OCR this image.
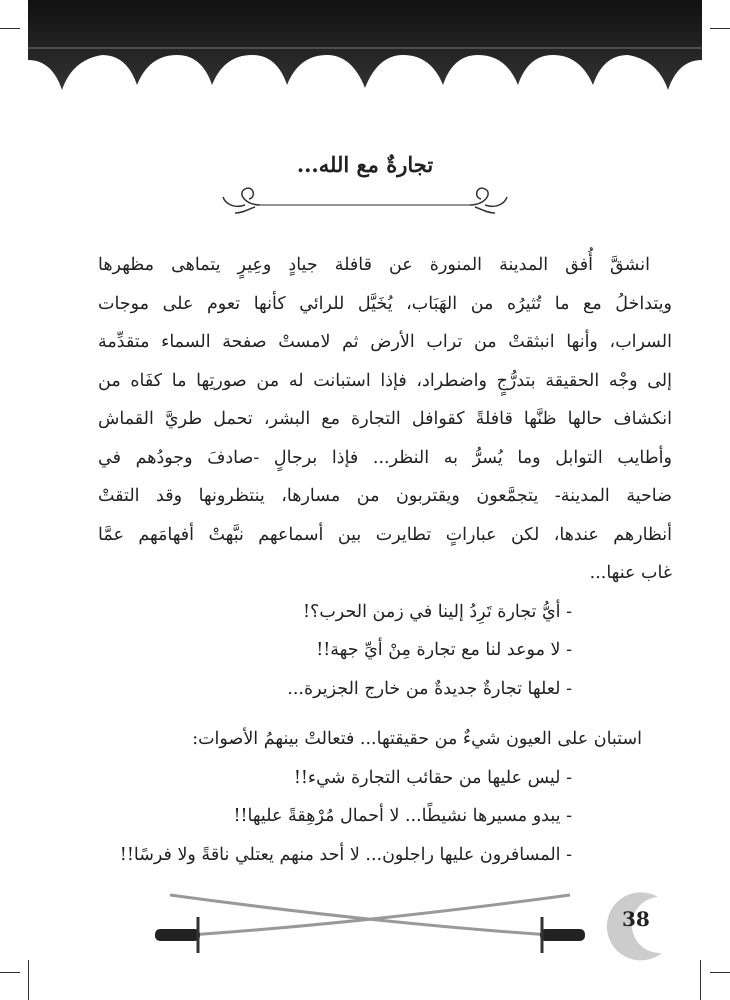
تجارةٌ مع الله...
انشقَّ أُفق المدينة المنورة عن قافلة جيادٍ وعِيرٍ يتماهى مظهرها
ويتداخلُ مع ما تُثيرُه من الهَبَاب، يُخَيَّل للرائي كأنها تعوم على موجات
السراب، وأنها انبثقتْ من تراب الأرض ثم لامستْ صفحة السماء متقدِّمة
إلى وجْه الحقيقة بتدرُّجٍ واضطراد، فإذا استبانت له من صورتِها ما كفَاه من
انكشاف حالها ظنَّها قافلةً كقوافل التجارة مع البشر، تحمل طريَّ القماش
وأطايب التوابل وما يُسرُّ به النظر... فإذا برجالٍ -صادفَ وجودُهم في
ضاحية المدينة- يتجمَّعون ويقتربون من مسارها، ينتظرونها وقد التقتْ
أنظارهم عندها، لكن عباراتٍ تطايرت بين أسماعهم نبَّهتْ أفهامَهم عمَّا
غاب عنها...
- أيُّ تجارة تَرِدُ إلينا في زمن الحرب؟!
- لا موعد لنا مع تجارة مِنْ أيِّ جهة!!
- لعلها تجارةٌ جديدةٌ من خارج الجزيرة...
استبان على العيون شيءٌ من حقيقتها... فتعالتْ بينهمُ الأصوات:
- ليس عليها من حقائب التجارة شيء!!
- يبدو مسيرها نشيطًا... لا أحمال مُرْهِقةً عليها!!
- المسافرون عليها راجلون... لا أحد منهم يعتلي ناقةً ولا فرسًا!!
38
